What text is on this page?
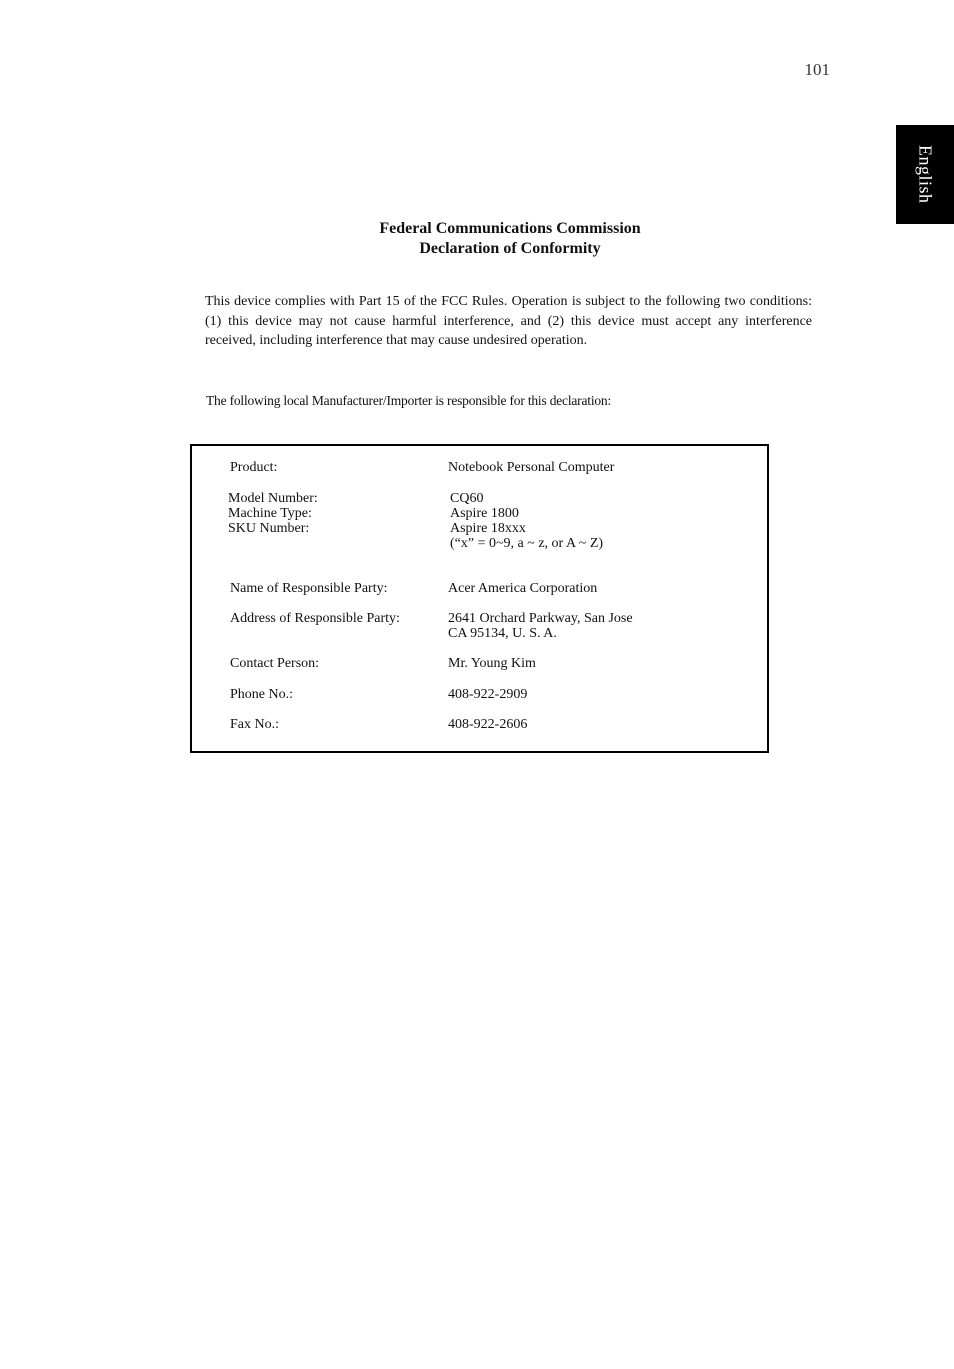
101
English
Federal Communications Commission
Declaration of Conformity

This device complies with Part 15 of the FCC Rules. Operation is subject to the following two conditions: (1) this device may not cause harmful interference, and (2) this device must accept any interference received, including interference that may cause undesired operation.

The following local Manufacturer/Importer is responsible for this declaration:

Product:	Notebook Personal Computer
Model Number:	CQ60
Machine Type:	Aspire 1800
SKU Number:	Aspire 18xxx
(“x” = 0~9, a ~ z, or A ~ Z)
Name of Responsible Party:	Acer America Corporation
Address of Responsible Party:	2641 Orchard Parkway, San Jose
CA 95134, U. S. A.
Contact Person:	Mr. Young Kim
Phone No.:	408-922-2909
Fax No.:	408-922-2606
